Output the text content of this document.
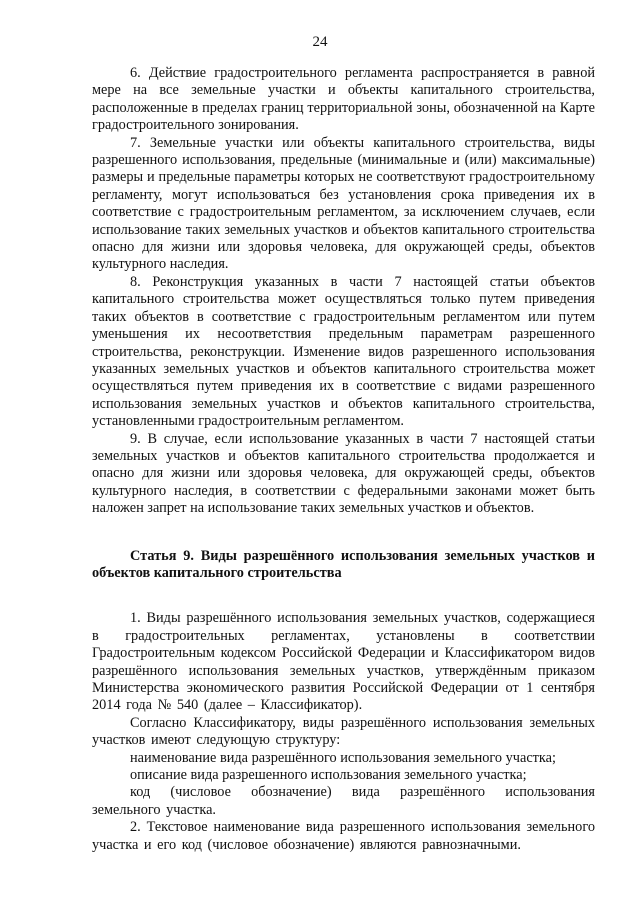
24

6. Действие градостроительного регламента распространяется в равной мере на все земельные участки и объекты капитального строительства, расположенные в пределах границ территориальной зоны, обозначенной на Карте градостроительного зонирования.

7. Земельные участки или объекты капитального строительства, виды разрешенного использования, предельные (минимальные и (или) максимальные) размеры и предельные параметры которых не соответствуют градостроительному регламенту, могут использоваться без установления срока приведения их в соответствие с градостроительным регламентом, за исключением случаев, если использование таких земельных участков и объектов капитального строительства опасно для жизни или здоровья человека, для окружающей среды, объектов культурного наследия.

8. Реконструкция указанных в части 7 настоящей статьи объектов капитального строительства может осуществляться только путем приведения таких объектов в соответствие с градостроительным регламентом или путем уменьшения их несоответствия предельным параметрам разрешенного строительства, реконструкции. Изменение видов разрешенного использования указанных земельных участков и объектов капитального строительства может осуществляться путем приведения их в соответствие с видами разрешенного использования земельных участков и объектов капитального строительства, установленными градостроительным регламентом.

9. В случае, если использование указанных в части 7 настоящей статьи земельных участков и объектов капитального строительства продолжается и опасно для жизни или здоровья человека, для окружающей среды, объектов культурного наследия, в соответствии с федеральными законами может быть наложен запрет на использование таких земельных участков и объектов.

Статья 9. Виды разрешённого использования земельных участков и объектов капитального строительства

1. Виды разрешённого использования земельных участков, содержащиеся в градостроительных регламентах, установлены в соответствии Градостроительным кодексом Российской Федерации и Классификатором видов разрешённого использования земельных участков, утверждённым приказом Министерства экономического развития Российской Федерации от 1 сентября 2014 года № 540 (далее – Классификатор).

Согласно Классификатору, виды разрешённого использования земельных участков имеют следующую структуру:

наименование вида разрешённого использования земельного участка;

описание вида разрешенного использования земельного участка;

код (числовое обозначение) вида разрешённого использования земельного участка.

2. Текстовое наименование вида разрешенного использования земельного участка и его код (числовое обозначение) являются равнозначными.
